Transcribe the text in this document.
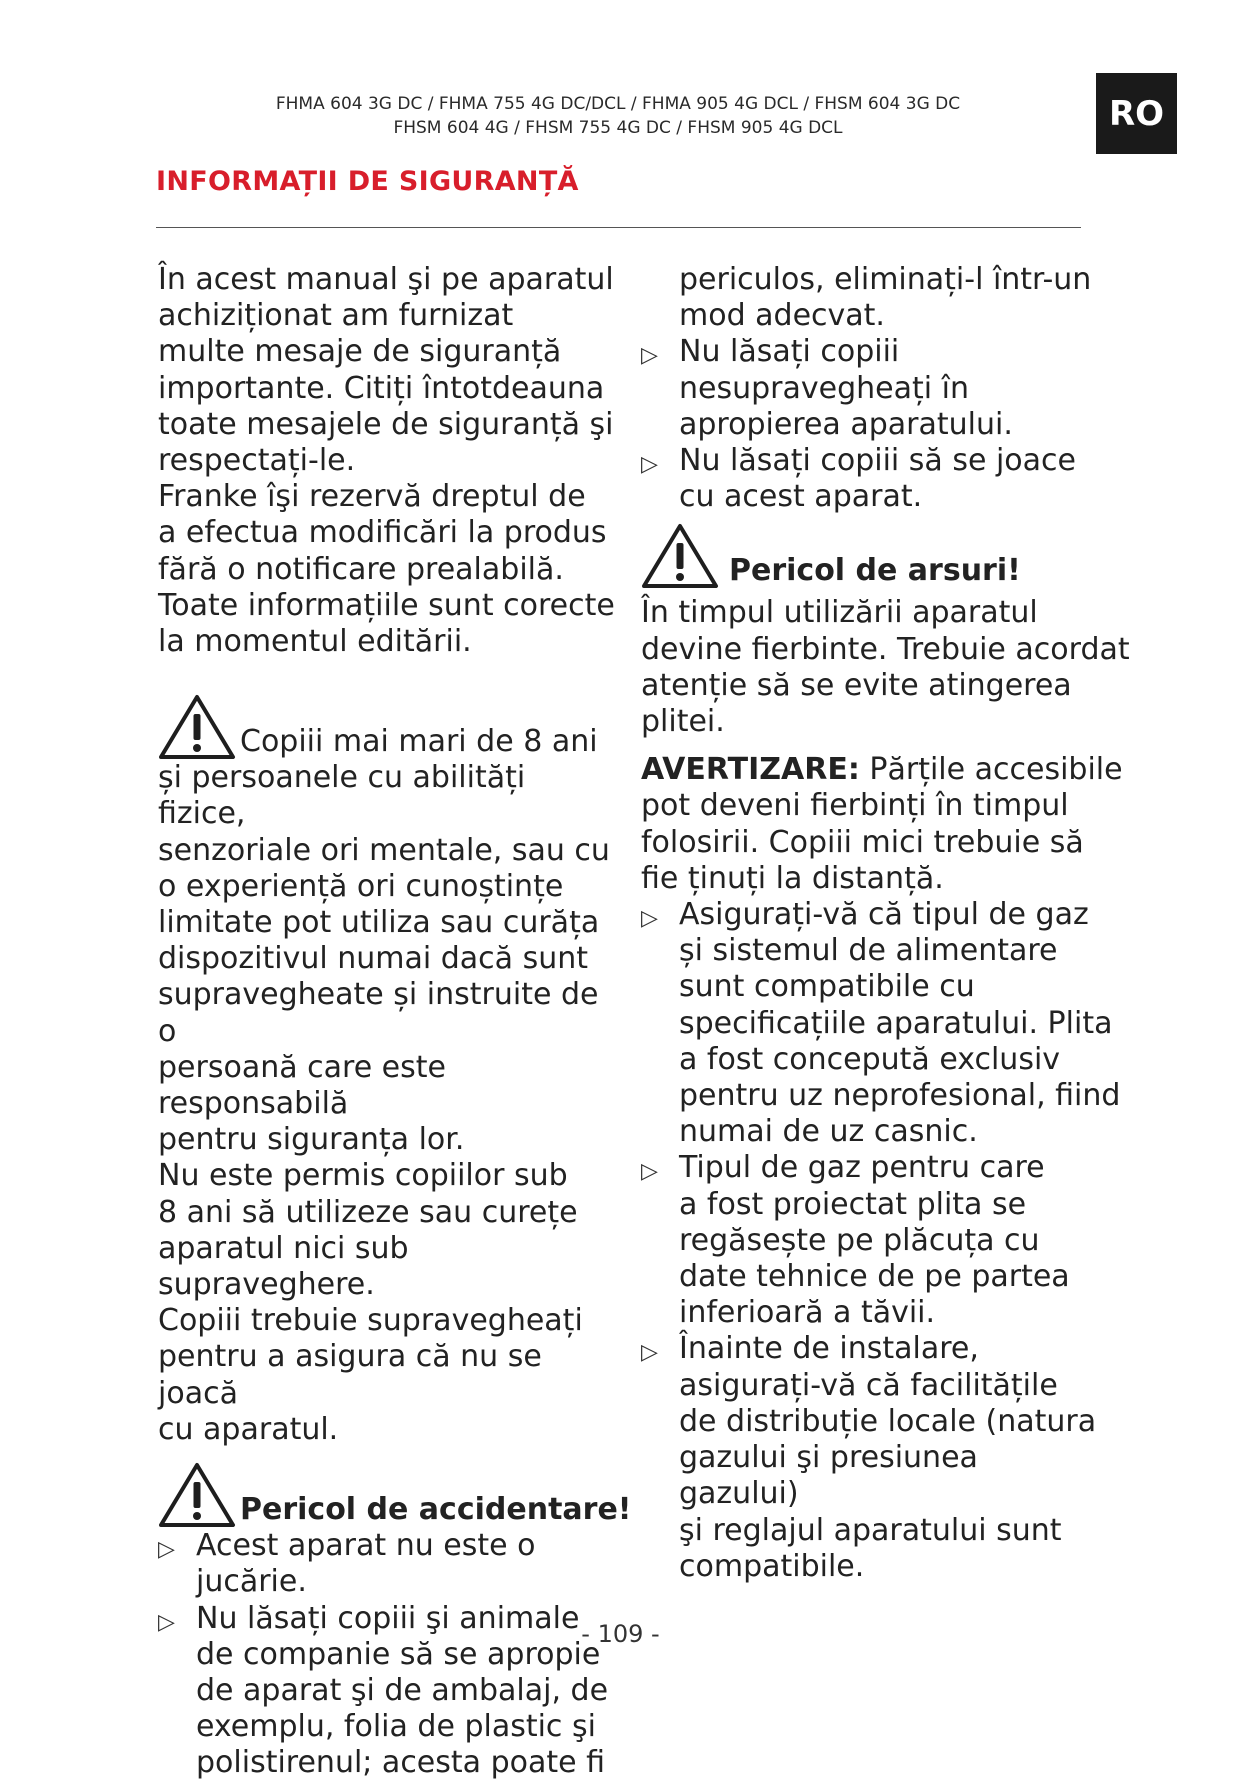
FHMA 604 3G DC / FHMA 755 4G DC/DCL / FHMA 905 4G DCL / FHSM 604 3G DC
FHSM 604 4G / FHSM 755 4G DC / FHSM 905 4G DCL	RO
INFORMAȚII DE SIGURANȚĂ

În acest manual şi pe aparatul

achiziționat am furnizat

multe mesaje de siguranță

importante. Citiți întotdeauna

toate mesajele de siguranță şi

respectați-le.

Franke îşi rezervă dreptul de

a efectua modificări la produs

fără o notificare prealabilă.

Toate informațiile sunt corecte

la momentul editării.

Copiii mai mari de 8 ani

și persoanele cu abilități fizice,

senzoriale ori mentale, sau cu

o experiență ori cunoștințe

limitate pot utiliza sau curăța

dispozitivul numai dacă sunt

supravegheate și instruite de o

persoană care este responsabilă

pentru siguranța lor.

Nu este permis copiilor sub

8 ani să utilizeze sau curețe

aparatul nici sub supraveghere.

Copiii trebuie supravegheați

pentru a asigura că nu se joacă

cu aparatul.

Pericol de accidentare!
▷ Acest aparat nu este o

jucărie.

▷ Nu lăsați copiii şi animale

de companie să se apropie

de aparat şi de ambalaj, de

exemplu, folia de plastic şi

polistirenul; acesta poate fi

periculos, eliminați-l într-un

mod adecvat.

▷ Nu lăsați copiii

nesupravegheați în

apropierea aparatului.

▷ Nu lăsați copiii să se joace

cu acest aparat.

Pericol de arsuri!

În timpul utilizării aparatul

devine fierbinte. Trebuie acordat

atenție să se evite atingerea

plitei.

AVERTIZARE: Părțile accesibile

pot deveni fierbinți în timpul

folosirii. Copiii mici trebuie să

fie ținuți la distanță.

▷ Asigurați-vă că tipul de gaz

și sistemul de alimentare

sunt compatibile cu

specificațiile aparatului. Plita

a fost concepută exclusiv

pentru uz neprofesional, fiind

numai de uz casnic.

▷ Tipul de gaz pentru care

a fost proiectat plita se

regăsește pe plăcuța cu

date tehnice de pe partea

inferioară a tăvii.

▷ Înainte de instalare,

asigurați-vă că facilitățile

de distribuție locale (natura

gazului şi presiunea gazului)

şi reglajul aparatului sunt

compatibile.

- 109 -
